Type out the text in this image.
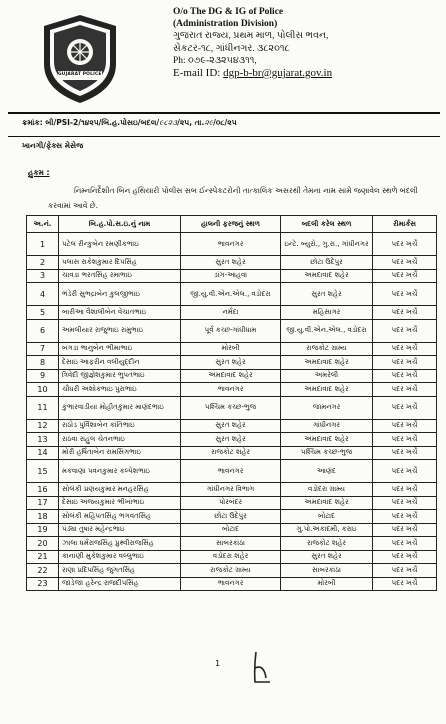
GUJARAT POLICE
O/o The DG & IG of Police
(Administration Division)
ગુજરાત રાજ્ય, પ્રથમ માળ, પોલીસ ભવન,
સેકટર-૧૮, ગાંધીનગર. ૩૮૨૦૧૮
Ph: ૦૭૯-૨૩૨૫૪૩૧૧,
E-mail ID: dgp-b-br@gujarat.gov.in
ક્રમાંક: બી/PSI-2/૧૪૨૫/બિ.હ.પોસઇ/બદલ/૯૮૨૩/૨૫, તા.૨૯/૦૮/૨૫
ખાનગી/ફેક્સ મેસેજ
હુકમ :
નિમ્નનિર્દેશીત બિન હથિયારી પોલીસ સબ ઈન્સ્પેકટરોની તાત્કાલિક અસરથી તેમના નામ સામે જણાવેલ સ્થળે બદલી કરવામાં આવે છે.
અ.નં.	બિ.હ.પો.સ.ઇ.નું નામ	હાલની ફરજનું સ્થળ	બદલી કરેલ સ્થળ	રીમાર્કસ
1	પટેલ રીન્કુબેન રમણીકભાઇ	ભાવનગર	ઇન્ટે. બ્યુરો., ગુ.રા., ગાંધીનગર	પદર ખર્ચે
2	પલાસ રાકેશકુમાર દિપસિંહ	સુરત શહેર	છોટા ઉદેપુર	પદર ખર્ચે
3	ચાવડા ભરતસિંહ રમાભાઇ	ડાંગ-આહવા	અમદાવાદ શહેર	પદર ખર્ચે
4	ભંડેરી સુભદ્રાબેન કુલજીભાઇ	જી.યુ.વી.એન.એલ., વડોદરા	સુરત શહેર	પદર ખર્ચે
5	બારીઆ વૈશાલીબેન વેચાતભાઇ	નર્મદા	મહિસાગર	પદર ખર્ચે
6	અમલીયાર રાજુભાઇ રામુભાઇ	પૂર્વ કચ્છ-ગાંધીધામ	જી.યુ.વી.એન.એલ., વડોદરા	પદર ખર્ચે
7	બગડા ભાનુબેન ભીમાભાઇ	મોરબી	રાજકોટ ગ્રામ્ય	પદર ખર્ચે
8	દેસાઇ આફરીન વલીયુદ્દીન	સુરત શહેર	અમદાવાદ શહેર	પદર ખર્ચે
9	ત્રિવેદી જીજ્ઞેશકુમાર ભુપતભાઇ	અમદાવાદ શહેર	અમરેલી	પદર ખર્ચે
10	ચૌધરી અશોકભાઇ પુરાભાઇ	ભાવનગર	અમદાવાદ શહેર	પદર ખર્ચે
11	કુંભારવાડીયા મોહીતકુમાર માણંદભાઇ	પશ્ચિમ કચ્છ-ભુજ	જામનગર	પદર ખર્ચે
12	રાઠોડ પુર્વિશાબેન કાંતિભાઇ	સુરત શહેર	ગાંધીનગર	પદર ખર્ચે
13	રાઠવા રાહુલ ચેતનભાઇ	સુરત શહેર	અમદાવાદ શહેર	પદર ખર્ચે
14	મોરી હર્ષિતાબેન રામસિંગભાઇ	રાજકોટ શહેર	પશ્ચિમ કચ્છ-ભુજ	પદર ખર્ચે
15	મકવાણા પવનકુમાર કલ્પેશભાઇ	ભાવનગર	આણંદ	પદર ખર્ચે
16	સોલંકી પ્રણયકુમાર મનહરસિંહ	ગાંધીનગર વિભાગ	વડોદરા ગ્રામ્ય	પદર ખર્ચે
17	દેસાઇ અજયકુમાર ભીખાભાઇ	પોરબંદર	અમદાવાદ શહેર	પદર ખર્ચે
18	સોલંકી મહિપતસિંહ ભગવતસિંહ	છોટા ઉદેપુર	બોટાદ	પદર ખર્ચે
19	પંડ્યા તુષાર મહેન્દ્રભાઇ	બોટાદ	ગુ.પો.અકાદમી, કરાઇ	પદર ખર્ચે
20	ઝાલા ધર્મરાજસિંહ પ્રુથ્વીરાજસિંહ	સાબરકાંઠા	રાજકોટ શહેર	પદર ખર્ચે
21	કાનાણી મુકેશકુમાર વલ્લુભાઇ	વડોદરા શહેર	સુરત શહેર	પદર ખર્ચે
22	રાણા પ્રદિપસિંહ જુગતસિંહ	રાજકોટ ગ્રામ્ય	સાબરકાંઠા	પદર ખર્ચે
23	જાડેજા હરેન્દ્ર રાજદીપસિંહ	ભાવનગર	મોરબી	પદર ખર્ચે
1
